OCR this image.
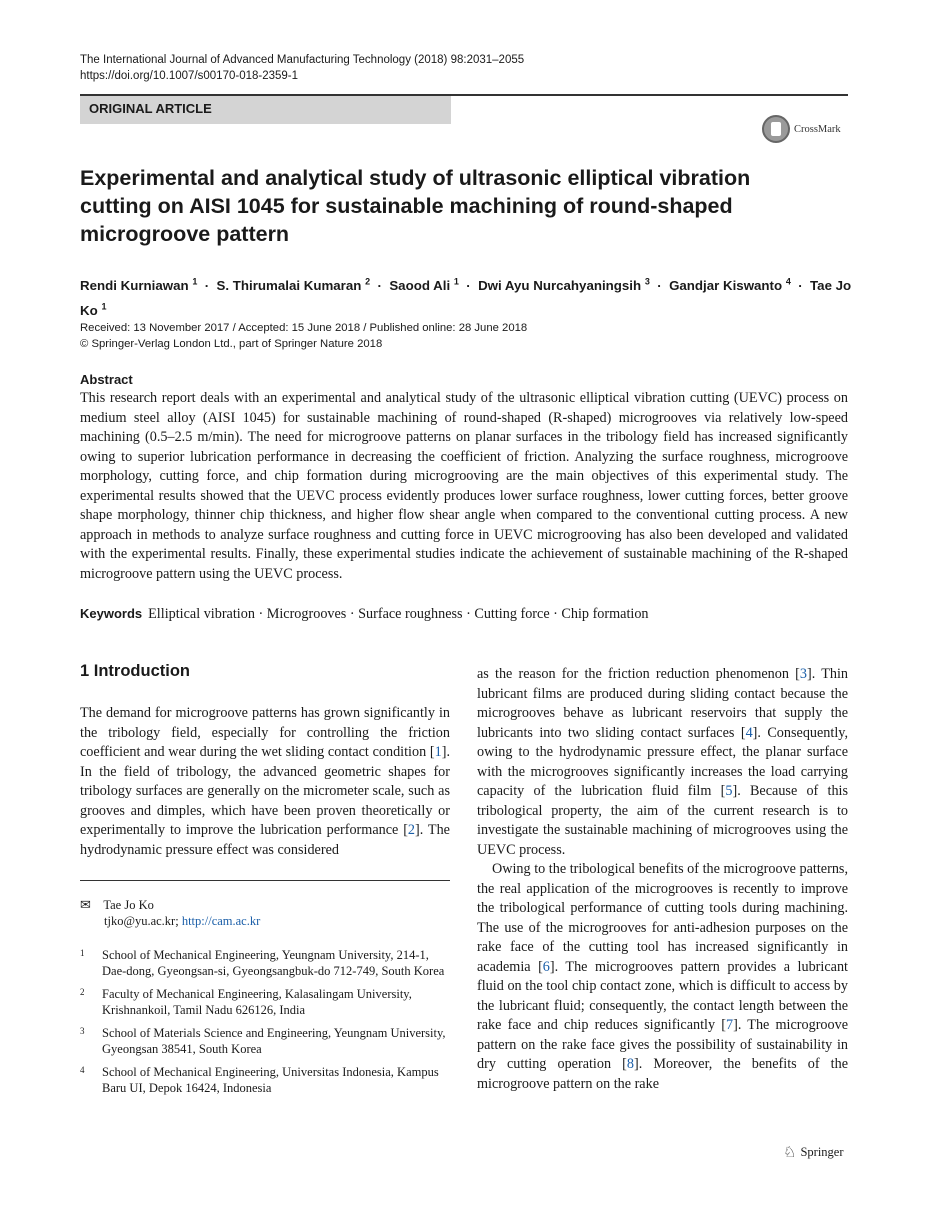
The International Journal of Advanced Manufacturing Technology (2018) 98:2031–2055
https://doi.org/10.1007/s00170-018-2359-1
ORIGINAL ARTICLE
CrossMark
Experimental and analytical study of ultrasonic elliptical vibration cutting on AISI 1045 for sustainable machining of round-shaped microgroove pattern
Rendi Kurniawan $^1$  ·  S. Thirumalai Kumaran $^2$  ·  Saood Ali $^1$  ·  Dwi Ayu Nurcahyaningsih $^3$  ·  Gandjar Kiswanto $^4$  ·  Tae Jo Ko $^1$
Received: 13 November 2017 / Accepted: 15 June 2018 / Published online: 28 June 2018
© Springer-Verlag London Ltd., part of Springer Nature 2018
Abstract
This research report deals with an experimental and analytical study of the ultrasonic elliptical vibration cutting (UEVC) process on medium steel alloy (AISI 1045) for sustainable machining of round-shaped (R-shaped) microgrooves via relatively low-speed machining (0.5–2.5 m/min). The need for microgroove patterns on planar surfaces in the tribology field has increased significantly owing to superior lubrication performance in decreasing the coefficient of friction. Analyzing the surface roughness, microgroove morphology, cutting force, and chip formation during microgrooving are the main objectives of this experimental study. The experimental results showed that the UEVC process evidently produces lower surface roughness, lower cutting forces, better groove shape morphology, thinner chip thickness, and higher flow shear angle when compared to the conventional cutting process. A new approach in methods to analyze surface roughness and cutting force in UEVC microgrooving has also been developed and validated with the experimental results. Finally, these experimental studies indicate the achievement of sustainable machining of the R-shaped microgroove pattern using the UEVC process.
Keywords Elliptical vibration · Microgrooves · Surface roughness · Cutting force · Chip formation
1 Introduction

The demand for microgroove patterns has grown significantly in the tribology field, especially for controlling the friction coefficient and wear during the wet sliding contact condition [1]. In the field of tribology, the advanced geometric shapes for tribology surfaces are generally on the micrometer scale, such as grooves and dimples, which have been proven theoretically or experimentally to improve the lubrication performance [2]. The hydrodynamic pressure effect was considered

as the reason for the friction reduction phenomenon [3]. Thin lubricant films are produced during sliding contact because the microgrooves behave as lubricant reservoirs that supply the lubricants into two sliding contact surfaces [4]. Consequently, owing to the hydrodynamic pressure effect, the planar surface with the microgrooves significantly increases the load carrying capacity of the lubrication fluid film [5]. Because of this tribological property, the aim of the current research is to investigate the sustainable machining of microgrooves using the UEVC process.

Owing to the tribological benefits of the microgroove patterns, the real application of the microgrooves is recently to improve the tribological performance of cutting tools during machining. The use of the microgrooves for anti-adhesion purposes on the rake face of the cutting tool has increased significantly in academia [6]. The microgrooves pattern provides a lubricant fluid on the tool chip contact zone, which is difficult to access by the lubricant fluid; consequently, the contact length between the rake face and chip reduces significantly [7]. The microgroove pattern on the rake face gives the possibility of sustainability in dry cutting operation [8]. Moreover, the benefits of the microgroove pattern on the rake

✉ Tae Jo Ko
tjko@yu.ac.kr; http://cam.ac.kr
1 School of Mechanical Engineering, Yeungnam University, 214-1, Dae-dong, Gyeongsan-si, Gyeongsangbuk-do 712-749, South Korea
2 Faculty of Mechanical Engineering, Kalasalingam University, Krishnankoil, Tamil Nadu 626126, India
3 School of Materials Science and Engineering, Yeungnam University, Gyeongsan 38541, South Korea
4 School of Mechanical Engineering, Universitas Indonesia, Kampus Baru UI, Depok 16424, Indonesia
♘ Springer
